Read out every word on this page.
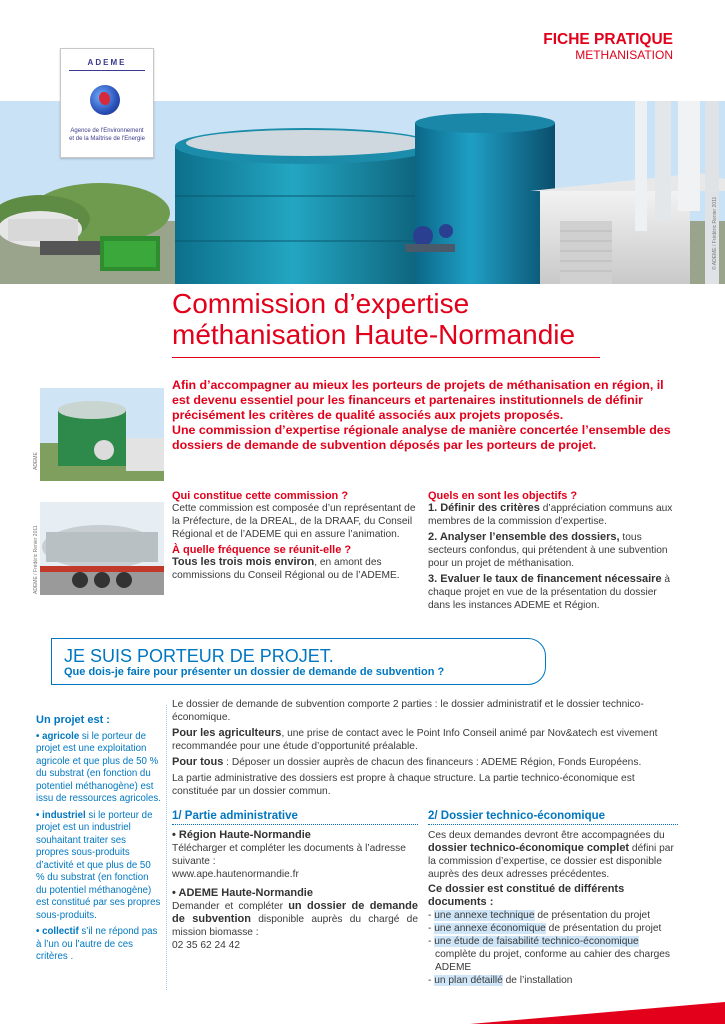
FICHE PRATIQUE
METHANISATION
© ADEME / Frédéric Renier 2011
ADEME
Agence de l'Environnement
et de la Maîtrise de l'Energie
Commission d’expertise
méthanisation Haute-Normandie

Afin d’accompagner au mieux les porteurs de projets de méthanisation en région, il est devenu essentiel pour les financeurs et partenaires institutionnels de définir précisément les critères de qualité associés aux projets proposés.

Une commission d’expertise régionale analyse de manière concertée l’ensemble des dossiers de demande de subvention déposés par les porteurs de projet.

ADEME
ADEME / Frédéric Renier 2011

Qui constitue cette commission ?

Cette commission est composée d’un représentant de la Préfecture, de la DREAL, de la DRAAF, du Conseil Régional et de l’ADEME qui en assure l’animation.

À quelle fréquence se réunit-elle ?

Tous les trois mois environ, en amont des commissions du Conseil Régional ou de l’ADEME.

Quels en sont les objectifs ?

1. Définir des critères d’appréciation communs aux membres de la commission d’expertise.

2. Analyser l’ensemble des dossiers, tous secteurs confondus, qui prétendent à une subvention pour un projet de méthanisation.

3. Evaluer le taux de financement nécessaire à chaque projet en vue de la présentation du dossier dans les instances ADEME et Région.

JE SUIS PORTEUR DE PROJET.
Que dois-je faire pour présenter un dossier de demande de subvention ?
Un projet est :
• agricole si le porteur de projet est une exploitation agricole et que plus de 50 % du substrat (en fonction du potentiel méthanogène) est issu de ressources agricoles.
• industriel si le porteur de projet est un industriel souhaitant traiter ses propres sous-produits d’activité et que plus de 50 % du substrat (en fonction du potentiel méthanogène) est constitué par ses propres sous-produits.
• collectif s’il ne répond pas à l’un ou l’autre de ces critères .

Le dossier de demande de subvention comporte 2 parties : le dossier administratif et le dossier technico-économique.

Pour les agriculteurs, une prise de contact avec le Point Info Conseil animé par Nov&atech est vivement recommandée pour une étude d’opportunité préalable.

Pour tous : Déposer un dossier auprès de chacun des financeurs : ADEME Région, Fonds Européens.

La partie administrative des dossiers est propre à chaque structure. La partie technico-économique est constituée par un dossier commun.

1/ Partie administrative

• Région Haute-Normandie

Télécharger et compléter les documents à l’adresse suivante :

www.ape.hautenormandie.fr

• ADEME Haute-Normandie

Demander et compléter un dossier de demande de subvention disponible auprès du chargé de mission biomasse :

02 35 62 24 42

2/ Dossier technico-économique

Ces deux demandes devront être accompagnées du dossier technico-économique complet défini par la commission d’expertise, ce dossier est disponible auprès des deux adresses précédentes.

Ce dossier est constitué de différents documents :

- une annexe technique de présentation du projet
- une annexe économique de présentation du projet
- une étude de faisabilité technico-économique complète du projet, conforme au cahier des charges ADEME
- un plan détaillé de l’installation
